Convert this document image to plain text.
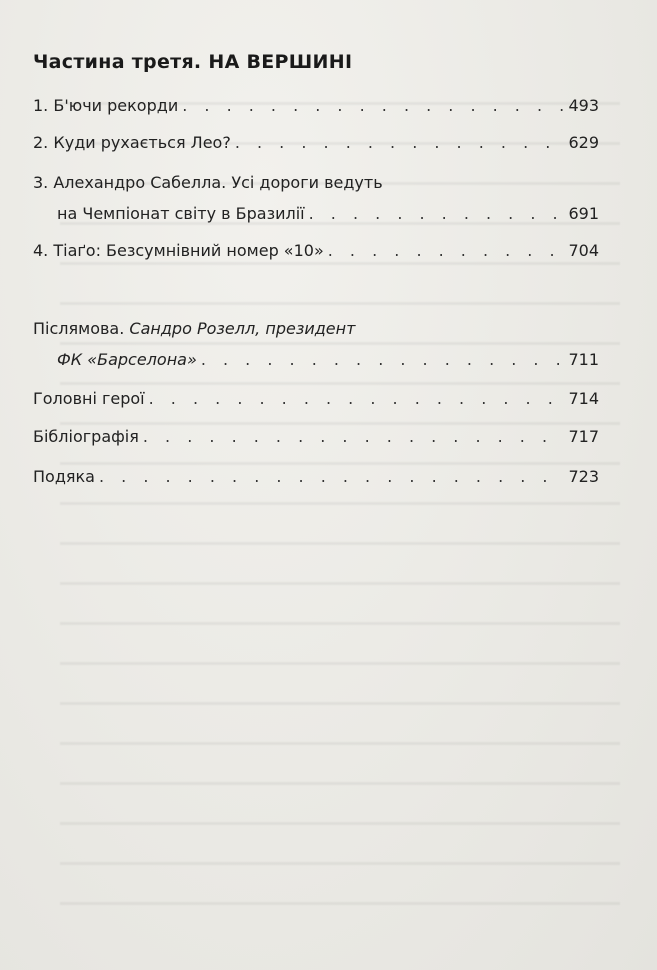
Частина третя. НА ВЕРШИНІ
1. Б'ючи рекорди . . .	493
2. Куди рухається Лео? . . .	629
3. Алехандро Сабелла. Усі дороги ведуть
на Чемпіонат світу в Бразилії . . .	691
4. Тіаґо: Безсумнівний номер «10» . . .	704
Післямова. Сандро Розелл, президент
ФК «Барселона» . . .	711
Головні герої . . .	714
Бібліографія . . .	717
Подяка . . .	723
